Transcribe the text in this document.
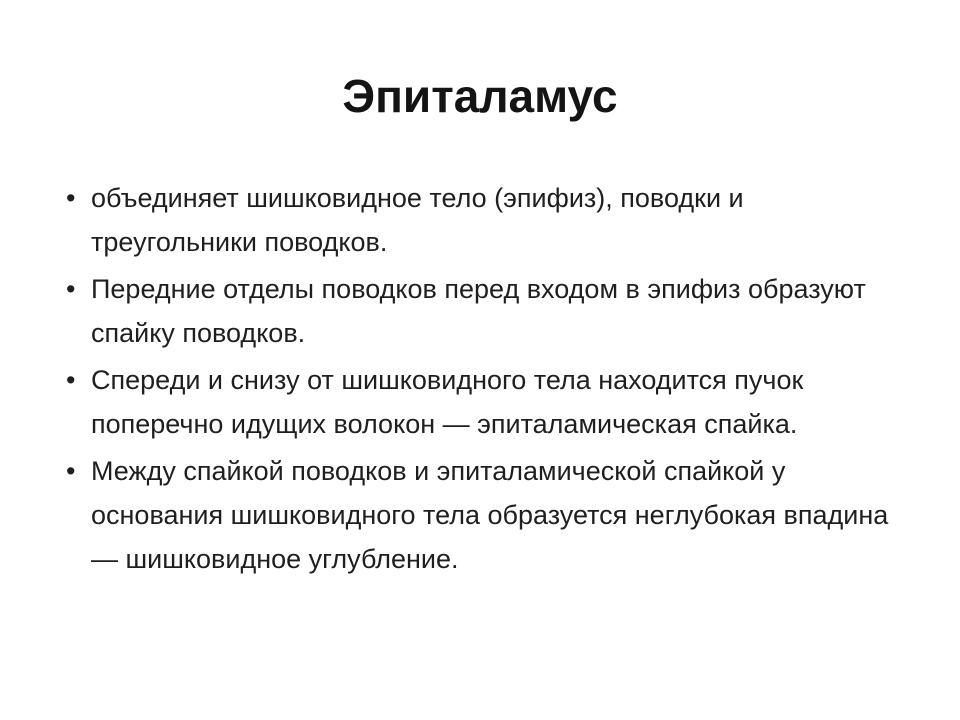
Эпиталамус
• объединяет шишковидное тело (эпифиз), поводки и треугольники поводков.
• Передние отделы поводков перед входом в эпифиз образуют спайку поводков.
• Спереди и снизу от шишковидного тела находится пучок поперечно идущих волокон — эпиталамическая спайка.
• Между спайкой поводков и эпиталамической спайкой у основания шишковидного тела образуется неглубокая впадина — шишковидное углубление.
